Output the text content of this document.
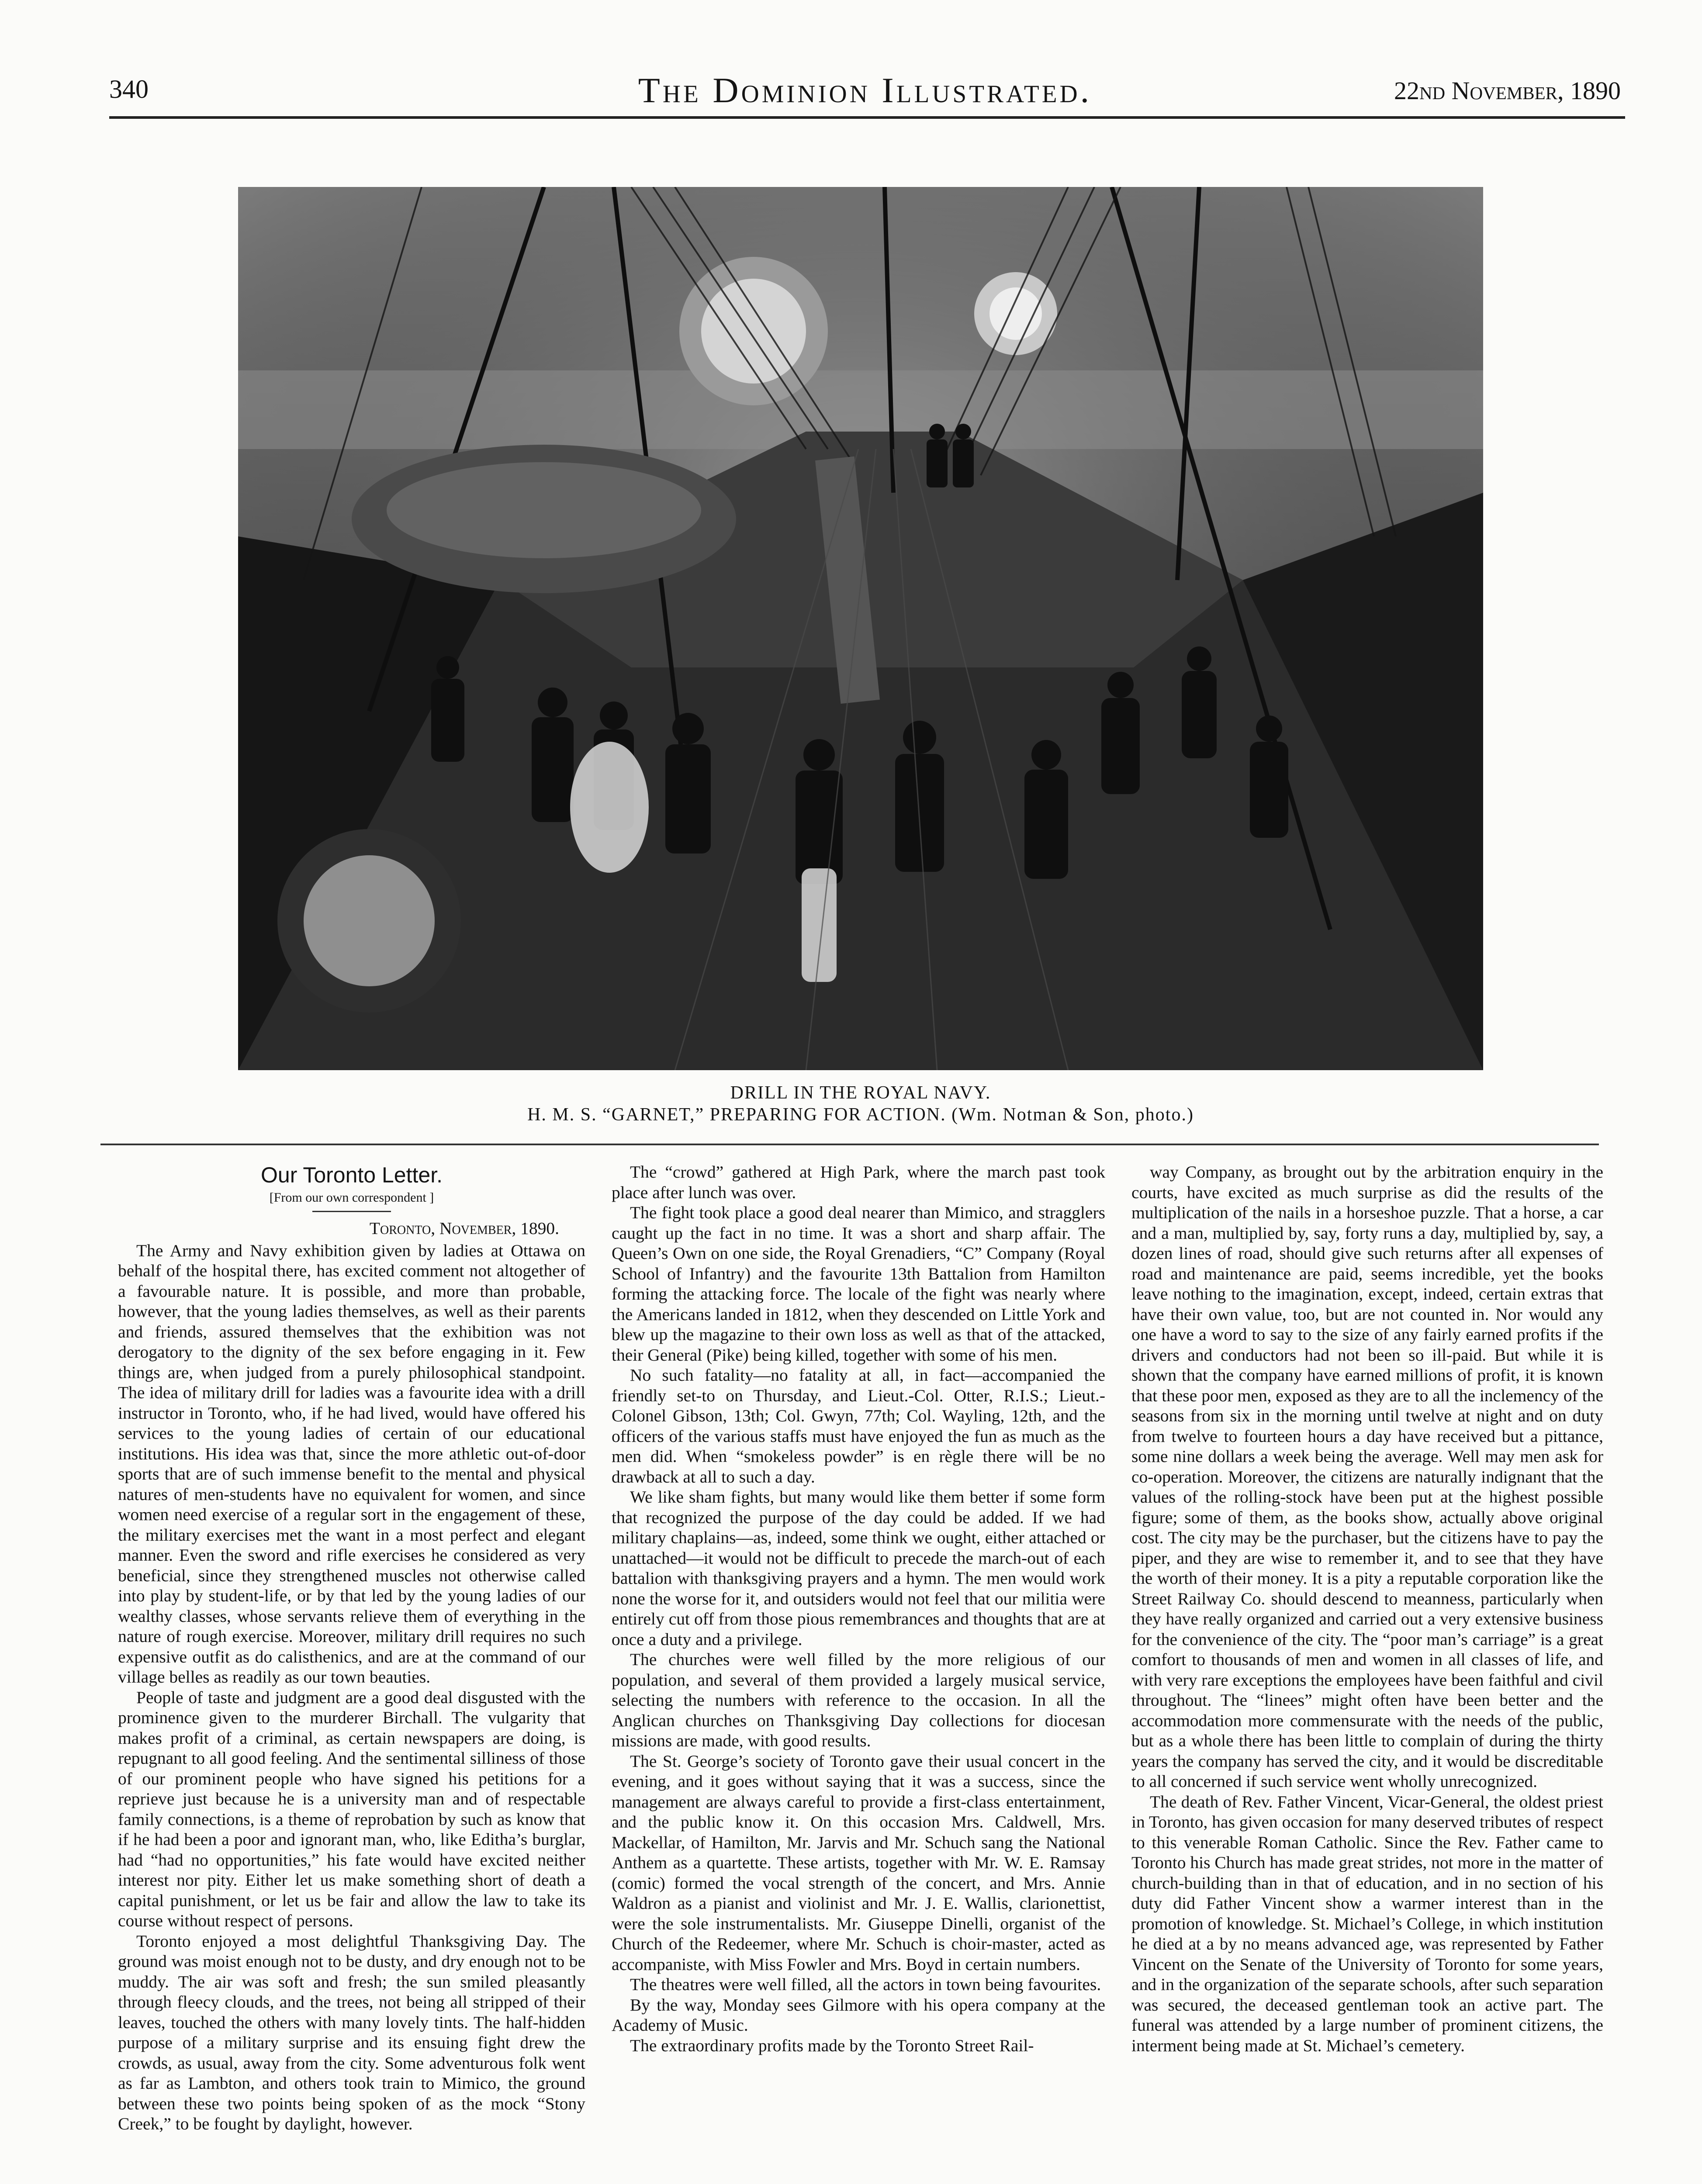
340	The Dominion Illustrated.	22nd November, 1890
DRILL IN THE ROYAL NAVY.
H. M. S. “GARNET,” PREPARING FOR ACTION. (Wm. Notman & Son, photo.)
Our Toronto Letter.
[From our own correspondent ]
Toronto, November, 1890.

The Army and Navy exhibition given by ladies at Ottawa on behalf of the hospital there, has excited comment not altogether of a favourable nature. It is possible, and more than probable, however, that the young ladies themselves, as well as their parents and friends, assured themselves that the exhibition was not derogatory to the dignity of the sex before engaging in it. Few things are, when judged from a purely philosophical standpoint. The idea of military drill for ladies was a favourite idea with a drill instructor in Toronto, who, if he had lived, would have offered his services to the young ladies of certain of our educational institutions. His idea was that, since the more athletic out-of-door sports that are of such immense benefit to the mental and physical natures of men-students have no equivalent for women, and since women need exercise of a regular sort in the engagement of these, the military exercises met the want in a most perfect and elegant manner. Even the sword and rifle exercises he considered as very beneficial, since they strengthened muscles not otherwise called into play by student-life, or by that led by the young ladies of our wealthy classes, whose servants relieve them of everything in the nature of rough exercise. Moreover, military drill requires no such expensive outfit as do calisthenics, and are at the command of our village belles as readily as our town beauties.

People of taste and judgment are a good deal disgusted with the prominence given to the murderer Birchall. The vulgarity that makes profit of a criminal, as certain newspapers are doing, is repugnant to all good feeling. And the sentimental silliness of those of our prominent people who have signed his petitions for a reprieve just because he is a university man and of respectable family connections, is a theme of reprobation by such as know that if he had been a poor and ignorant man, who, like Editha’s burglar, had “had no opportunities,” his fate would have excited neither interest nor pity. Either let us make something short of death a capital punishment, or let us be fair and allow the law to take its course without respect of persons.

Toronto enjoyed a most delightful Thanksgiving Day. The ground was moist enough not to be dusty, and dry enough not to be muddy. The air was soft and fresh; the sun smiled pleasantly through fleecy clouds, and the trees, not being all stripped of their leaves, touched the others with many lovely tints. The half-hidden purpose of a military surprise and its ensuing fight drew the crowds, as usual, away from the city. Some adventurous folk went as far as Lambton, and others took train to Mimico, the ground between these two points being spoken of as the mock “Stony Creek,” to be fought by daylight, however.

The “crowd” gathered at High Park, where the march past took place after lunch was over.

The fight took place a good deal nearer than Mimico, and stragglers caught up the fact in no time. It was a short and sharp affair. The Queen’s Own on one side, the Royal Grenadiers, “C” Company (Royal School of Infantry) and the favourite 13th Battalion from Hamilton forming the attacking force. The locale of the fight was nearly where the Americans landed in 1812, when they descended on Little York and blew up the magazine to their own loss as well as that of the attacked, their General (Pike) being killed, together with some of his men.

No such fatality—no fatality at all, in fact—accompanied the friendly set-to on Thursday, and Lieut.-Col. Otter, R.I.S.; Lieut.-Colonel Gibson, 13th; Col. Gwyn, 77th; Col. Wayling, 12th, and the officers of the various staffs must have enjoyed the fun as much as the men did. When “smokeless powder” is en règle there will be no drawback at all to such a day.

We like sham fights, but many would like them better if some form that recognized the purpose of the day could be added. If we had military chaplains—as, indeed, some think we ought, either attached or unattached—it would not be difficult to precede the march-out of each battalion with thanksgiving prayers and a hymn. The men would work none the worse for it, and outsiders would not feel that our militia were entirely cut off from those pious remembrances and thoughts that are at once a duty and a privilege.

The churches were well filled by the more religious of our population, and several of them provided a largely musical service, selecting the numbers with reference to the occasion. In all the Anglican churches on Thanksgiving Day collections for diocesan missions are made, with good results.

The St. George’s society of Toronto gave their usual concert in the evening, and it goes without saying that it was a success, since the management are always careful to provide a first-class entertainment, and the public know it. On this occasion Mrs. Caldwell, Mrs. Mackellar, of Hamilton, Mr. Jarvis and Mr. Schuch sang the National Anthem as a quartette. These artists, together with Mr. W. E. Ramsay (comic) formed the vocal strength of the concert, and Mrs. Annie Waldron as a pianist and violinist and Mr. J. E. Wallis, clarionettist, were the sole instrumentalists. Mr. Giuseppe Dinelli, organist of the Church of the Redeemer, where Mr. Schuch is choir-master, acted as accompaniste, with Miss Fowler and Mrs. Boyd in certain numbers.

The theatres were well filled, all the actors in town being favourites.

By the way, Monday sees Gilmore with his opera company at the Academy of Music.

The extraordinary profits made by the Toronto Street Rail-

way Company, as brought out by the arbitration enquiry in the courts, have excited as much surprise as did the results of the multiplication of the nails in a horseshoe puzzle. That a horse, a car and a man, multiplied by, say, forty runs a day, multiplied by, say, a dozen lines of road, should give such returns after all expenses of road and maintenance are paid, seems incredible, yet the books leave nothing to the imagination, except, indeed, certain extras that have their own value, too, but are not counted in. Nor would any one have a word to say to the size of any fairly earned profits if the drivers and conductors had not been so ill-paid. But while it is shown that the company have earned millions of profit, it is known that these poor men, exposed as they are to all the inclemency of the seasons from six in the morning until twelve at night and on duty from twelve to fourteen hours a day have received but a pittance, some nine dollars a week being the average. Well may men ask for co-operation. Moreover, the citizens are naturally indignant that the values of the rolling-stock have been put at the highest possible figure; some of them, as the books show, actually above original cost. The city may be the purchaser, but the citizens have to pay the piper, and they are wise to remember it, and to see that they have the worth of their money. It is a pity a reputable corporation like the Street Railway Co. should descend to meanness, particularly when they have really organized and carried out a very extensive business for the convenience of the city. The “poor man’s carriage” is a great comfort to thousands of men and women in all classes of life, and with very rare exceptions the employees have been faithful and civil throughout. The “linees” might often have been better and the accommodation more commensurate with the needs of the public, but as a whole there has been little to complain of during the thirty years the company has served the city, and it would be discreditable to all concerned if such service went wholly unrecognized.

The death of Rev. Father Vincent, Vicar-General, the oldest priest in Toronto, has given occasion for many deserved tributes of respect to this venerable Roman Catholic. Since the Rev. Father came to Toronto his Church has made great strides, not more in the matter of church-building than in that of education, and in no section of his duty did Father Vincent show a warmer interest than in the promotion of knowledge. St. Michael’s College, in which institution he died at a by no means advanced age, was represented by Father Vincent on the Senate of the University of Toronto for some years, and in the organization of the separate schools, after such separation was secured, the deceased gentleman took an active part. The funeral was attended by a large number of prominent citizens, the interment being made at St. Michael’s cemetery.
